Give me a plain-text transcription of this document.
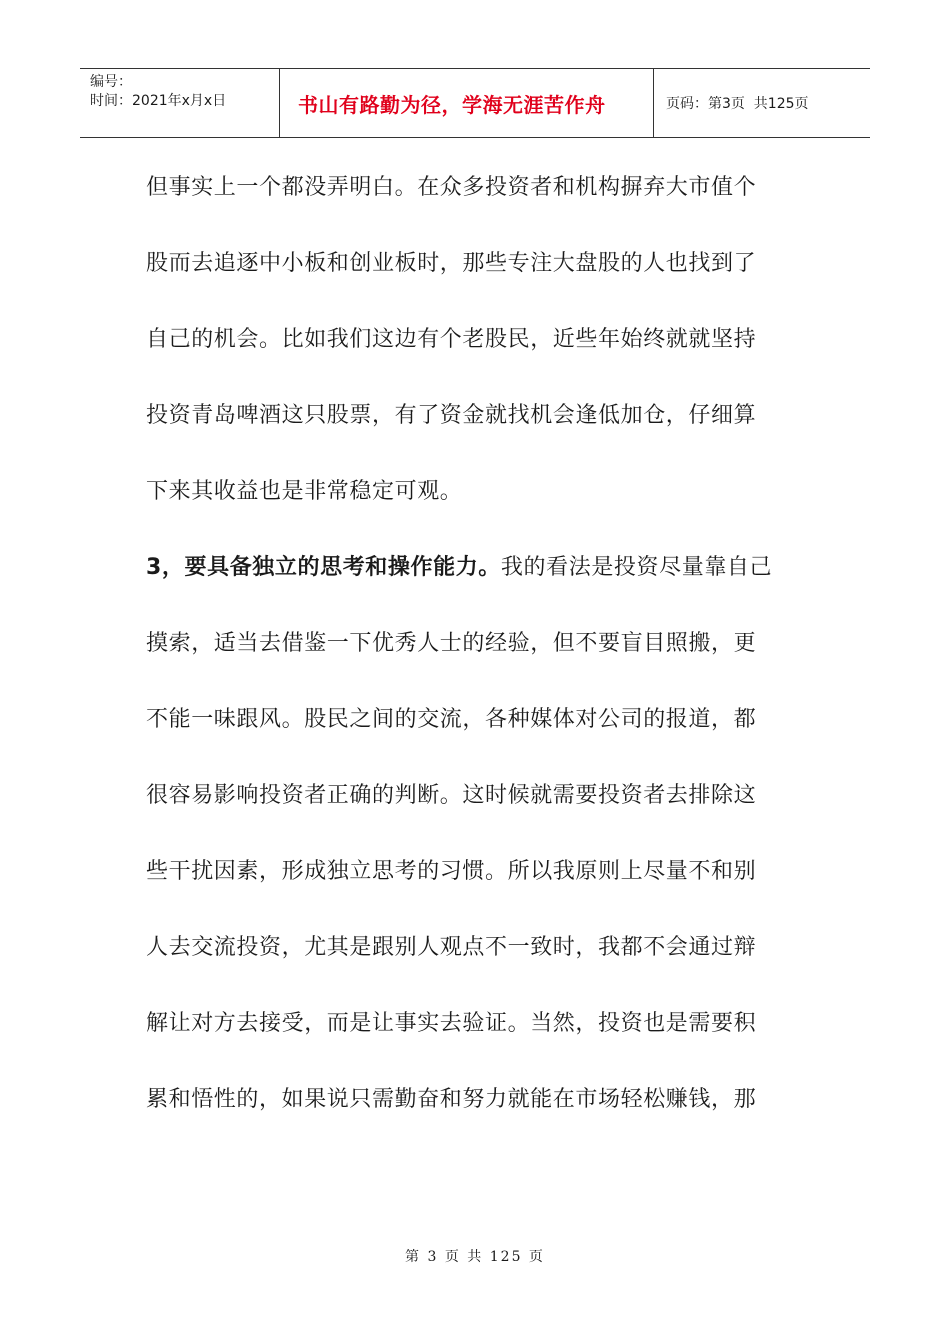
编号：
时间：2021年x月x日	书山有路勤为径，学海无涯苦作舟	页码：第3页  共125页
但事实上一个都没弄明白。在众多投资者和机构摒弃大市值个
股而去追逐中小板和创业板时，那些专注大盘股的人也找到了
自己的机会。比如我们这边有个老股民，近些年始终就就坚持
投资青岛啤酒这只股票，有了资金就找机会逢低加仓，仔细算
下来其收益也是非常稳定可观。
3，要具备独立的思考和操作能力。我的看法是投资尽量靠自己
摸索，适当去借鉴一下优秀人士的经验，但不要盲目照搬，更
不能一味跟风。股民之间的交流，各种媒体对公司的报道，都
很容易影响投资者正确的判断。这时候就需要投资者去排除这
些干扰因素，形成独立思考的习惯。所以我原则上尽量不和别
人去交流投资，尤其是跟别人观点不一致时，我都不会通过辩
解让对方去接受，而是让事实去验证。当然，投资也是需要积
累和悟性的，如果说只需勤奋和努力就能在市场轻松赚钱，那
第 3 页 共 125 页
